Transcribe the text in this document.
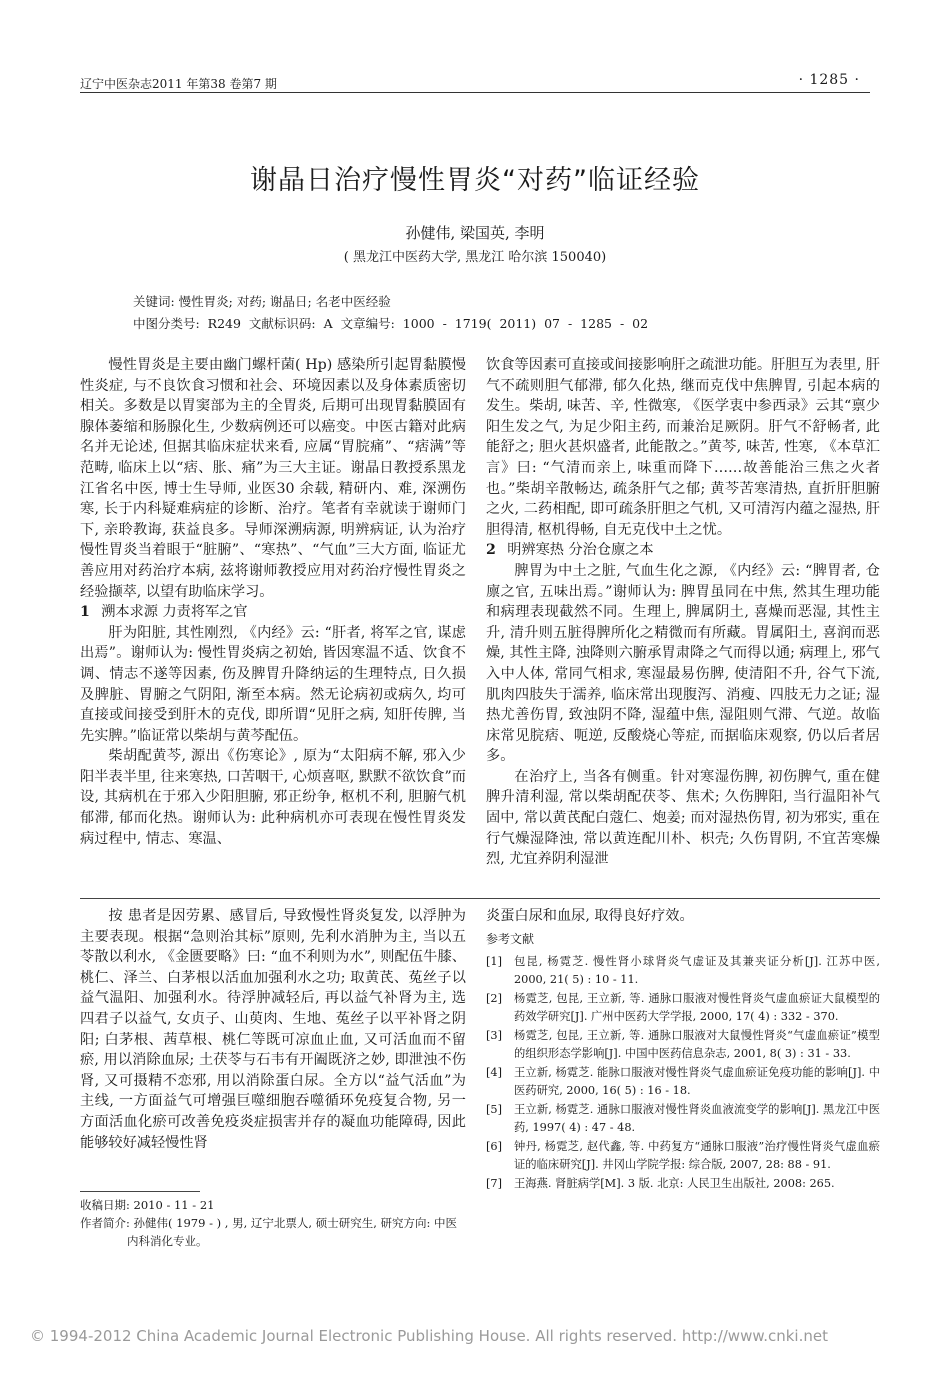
辽宁中医杂志2011 年第38 卷第7 期	· 1285 ·
谢晶日治疗慢性胃炎“对药”临证经验
孙健伟, 梁国英, 李明
( 黑龙江中医药大学, 黑龙江 哈尔滨 150040)
关键词: 慢性胃炎; 对药; 谢晶日; 名老中医经验
中图分类号: R249 文献标识码: A 文章编号: 1000 - 1719( 2011) 07 - 1285 - 02

慢性胃炎是主要由幽门螺杆菌( Hp) 感染所引起胃黏膜慢性炎症, 与不良饮食习惯和社会、环境因素以及身体素质密切相关。多数是以胃窦部为主的全胃炎, 后期可出现胃黏膜固有腺体萎缩和肠腺化生, 少数病例还可以癌变。中医古籍对此病名并无论述, 但据其临床症状来看, 应属“胃脘痛”、“痞满”等范畴, 临床上以“痞、胀、痛”为三大主证。谢晶日教授系黑龙江省名中医, 博士生导师, 业医30 余载, 精研内、难, 深溯伤寒, 长于内科疑难病症的诊断、治疗。笔者有幸就读于谢师门下, 亲聆教诲, 获益良多。导师深溯病源, 明辨病证, 认为治疗慢性胃炎当着眼于“脏腑”、“寒热”、“气血”三大方面, 临证尤善应用对药治疗本病, 兹将谢师教授应用对药治疗慢性胃炎之经验撷萃, 以望有助临床学习。

1 溯本求源 力责将军之官

肝为阳脏, 其性刚烈, 《内经》云: “肝者, 将军之官, 谋虑出焉”。谢师认为: 慢性胃炎病之初始, 皆因寒温不适、饮食不调、情志不遂等因素, 伤及脾胃升降纳运的生理特点, 日久损及脾脏、胃腑之气阴阳, 渐至本病。然无论病初或病久, 均可直接或间接受到肝木的克伐, 即所谓“见肝之病, 知肝传脾, 当先实脾。”临证常以柴胡与黄芩配伍。

柴胡配黄芩, 源出《伤寒论》, 原为“太阳病不解, 邪入少阳半表半里, 往来寒热, 口苦咽干, 心烦喜呕, 默默不欲饮食”而设, 其病机在于邪入少阳胆腑, 邪正纷争, 枢机不利, 胆腑气机郁滞, 郁而化热。谢师认为: 此种病机亦可表现在慢性胃炎发病过程中, 情志、寒温、

饮食等因素可直接或间接影响肝之疏泄功能。肝胆互为表里, 肝气不疏则胆气郁滞, 郁久化热, 继而克伐中焦脾胃, 引起本病的发生。柴胡, 味苦、辛, 性微寒, 《医学衷中参西录》云其“禀少阳生发之气, 为足少阳主药, 而兼治足厥阴。肝气不舒畅者, 此能舒之; 胆火甚炽盛者, 此能散之。”黄芩, 味苦, 性寒, 《本草汇言》曰: “气清而亲上, 味重而降下……故善能治三焦之火者也。”柴胡辛散畅达, 疏条肝气之郁; 黄芩苦寒清热, 直折肝胆腑之火, 二药相配, 即可疏条肝胆之气机, 又可清泻内蕴之湿热, 肝胆得清, 枢机得畅, 自无克伐中土之忧。

2 明辨寒热 分治仓廪之本

脾胃为中土之脏, 气血生化之源, 《内经》云: “脾胃者, 仓廪之官, 五味出焉。”谢师认为: 脾胃虽同在中焦, 然其生理功能和病理表现截然不同。生理上, 脾属阴土, 喜燥而恶湿, 其性主升, 清升则五脏得脾所化之精微而有所藏。胃属阳土, 喜润而恶燥, 其性主降, 浊降则六腑承胃肃降之气而得以通; 病理上, 邪气入中人体, 常同气相求, 寒湿最易伤脾, 使清阳不升, 谷气下流, 肌肉四肢失于濡养, 临床常出现腹泻、消瘦、四肢无力之证; 湿热尤善伤胃, 致浊阴不降, 湿蕴中焦, 湿阻则气滞、气逆。故临床常见脘痞、呃逆, 反酸烧心等症, 而据临床观察, 仍以后者居多。

在治疗上, 当各有侧重。针对寒湿伤脾, 初伤脾气, 重在健脾升清利湿, 常以柴胡配茯苓、焦术; 久伤脾阳, 当行温阳补气固中, 常以黄芪配白蔻仁、炮姜; 而对湿热伤胃, 初为邪实, 重在行气燥湿降浊, 常以黄连配川朴、枳壳; 久伤胃阴, 不宜苦寒燥烈, 尤宜养阴利湿泄

按 患者是因劳累、感冒后, 导致慢性肾炎复发, 以浮肿为主要表现。根据“急则治其标”原则, 先利水消肿为主, 当以五苓散以利水, 《金匮要略》曰: “血不利则为水”, 则配伍牛膝、桃仁、泽兰、白茅根以活血加强利水之功; 取黄芪、菟丝子以益气温阳、加强利水。待浮肿减轻后, 再以益气补肾为主, 选四君子以益气, 女贞子、山萸肉、生地、菟丝子以平补肾之阴阳; 白茅根、茜草根、桃仁等既可凉血止血, 又可活血而不留瘀, 用以消除血尿; 土茯苓与石韦有开阖既济之妙, 即泄浊不伤肾, 又可摄精不恋邪, 用以消除蛋白尿。全方以“益气活血”为主线, 一方面益气可增强巨噬细胞吞噬循环免疫复合物, 另一方面活血化瘀可改善免疫炎症损害并存的凝血功能障碍, 因此能够较好减轻慢性肾

收稿日期: 2010 - 11 - 21
作者简介: 孙健伟( 1979 - ) , 男, 辽宁北票人, 硕士研究生, 研究方向: 中医内科消化专业。

炎蛋白尿和血尿, 取得良好疗效。

参考文献
[1]	包昆, 杨霓芝. 慢性肾小球肾炎气虚证及其兼夹证分析[J]. 江苏中医, 2000, 21( 5) : 10 - 11.
[2]	杨霓芝, 包昆, 王立新, 等. 通脉口服液对慢性肾炎气虚血瘀证大鼠模型的药效学研究[J]. 广州中医药大学学报, 2000, 17( 4) : 332 - 370.
[3]	杨霓芝, 包昆, 王立新, 等. 通脉口服液对大鼠慢性肾炎“气虚血瘀证”模型的组织形态学影响[J]. 中国中医药信息杂志, 2001, 8( 3) : 31 - 33.
[4]	王立新, 杨霓芝. 能脉口服液对慢性肾炎气虚血瘀证免疫功能的影响[J]. 中医药研究, 2000, 16( 5) : 16 - 18.
[5]	王立新, 杨霓芝. 通脉口服液对慢性肾炎血液流变学的影响[J]. 黑龙江中医药, 1997( 4) : 47 - 48.
[6]	钟丹, 杨霓芝, 赵代鑫, 等. 中药复方“通脉口服液”治疗慢性肾炎气虚血瘀证的临床研究[J]. 井冈山学院学报: 综合版, 2007, 28: 88 - 91.
[7]	王海燕. 肾脏病学[M]. 3 版. 北京: 人民卫生出版社, 2008: 265.
© 1994-2012 China Academic Journal Electronic Publishing House. All rights reserved. http://www.cnki.net
